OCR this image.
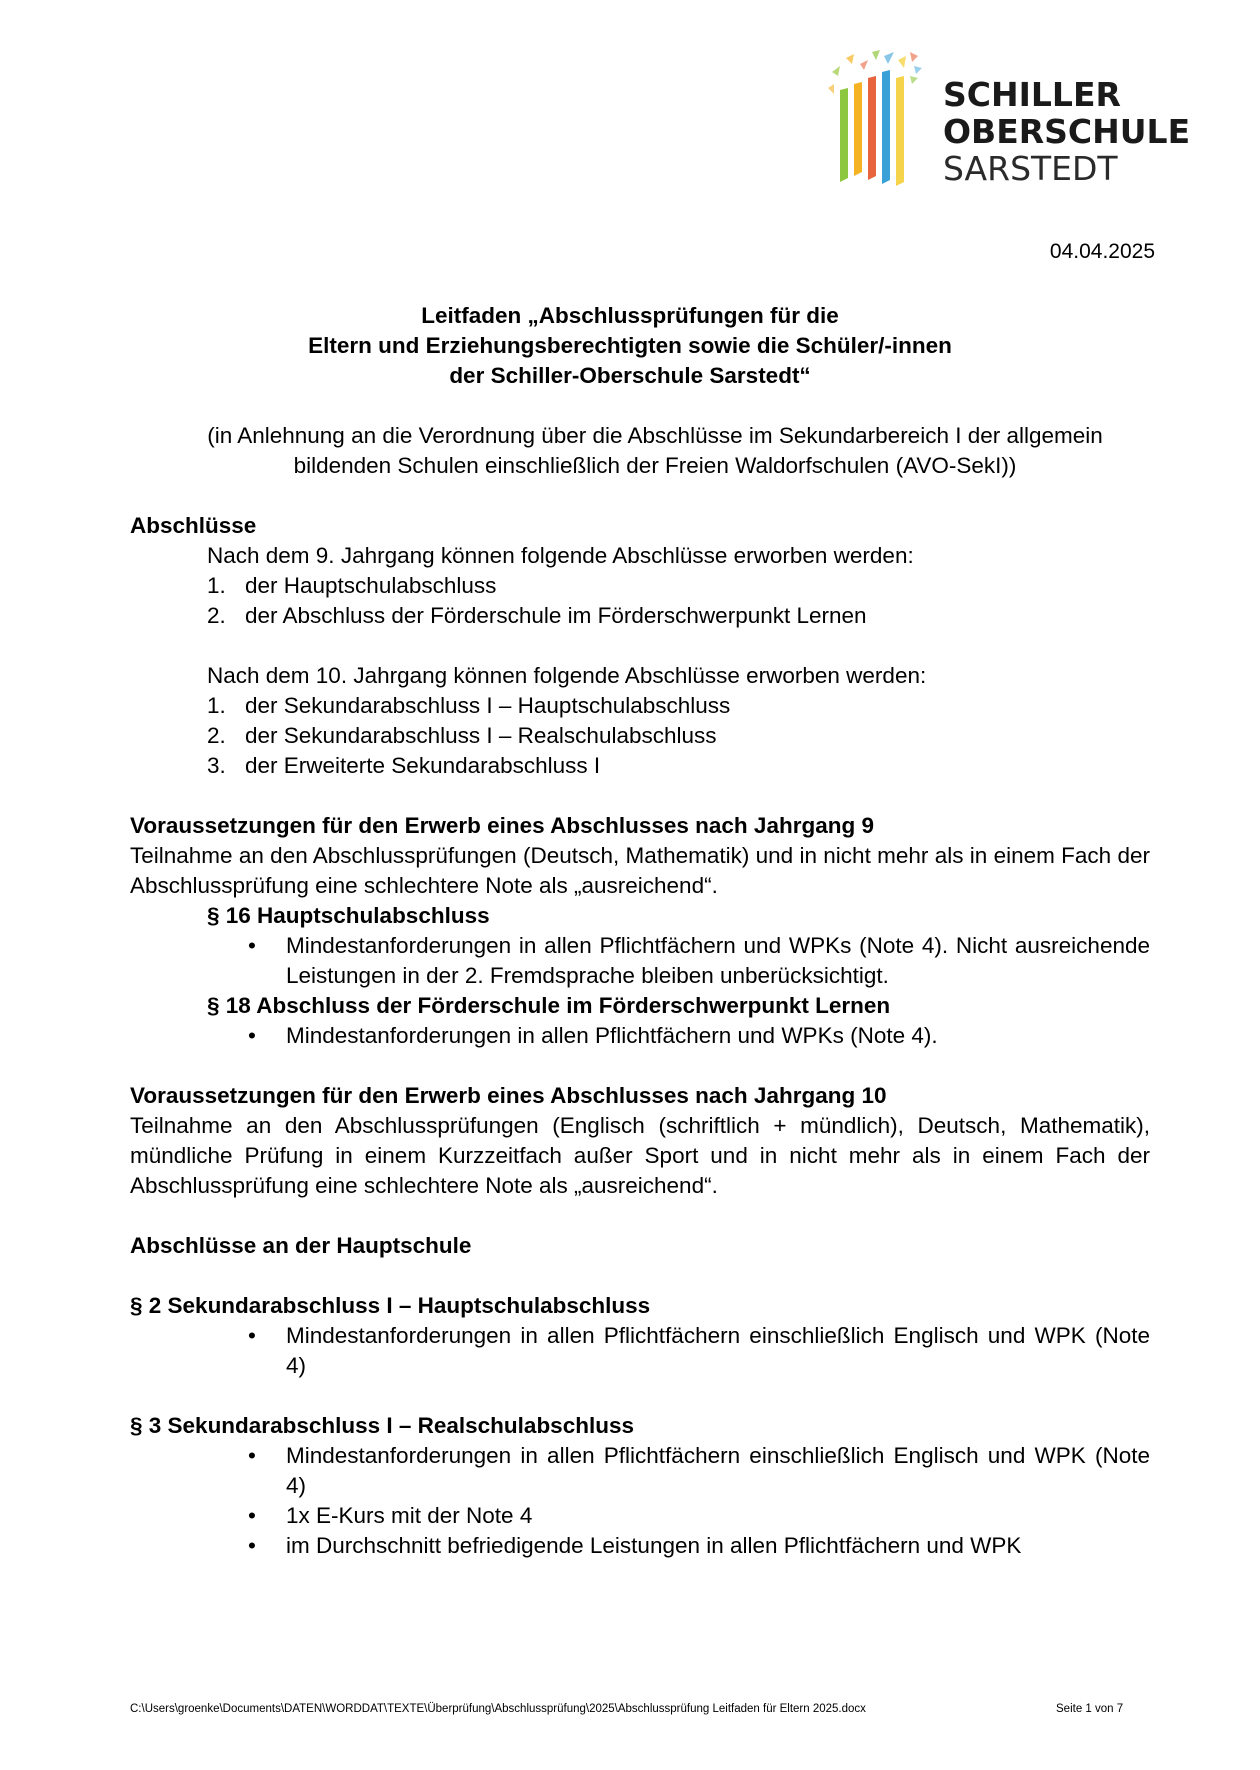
SCHILLER
OBERSCHULE
SARSTEDT
04.04.2025
Leitfaden „Abschlussprüfungen für die
Eltern und Erziehungsberechtigten sowie die Schüler/-innen
der Schiller-Oberschule Sarstedt“
(in Anlehnung an die Verordnung über die Abschlüsse im Sekundarbereich I der allgemein
bildenden Schulen einschließlich der Freien Waldorfschulen (AVO-SekI))
Abschlüsse
Nach dem 9. Jahrgang können folgende Abschlüsse erworben werden:
1. der Hauptschulabschluss
2. der Abschluss der Förderschule im Förderschwerpunkt Lernen
Nach dem 10. Jahrgang können folgende Abschlüsse erworben werden:
1. der Sekundarabschluss I – Hauptschulabschluss
2. der Sekundarabschluss I – Realschulabschluss
3. der Erweiterte Sekundarabschluss I
Voraussetzungen für den Erwerb eines Abschlusses nach Jahrgang 9
Teilnahme an den Abschlussprüfungen (Deutsch, Mathematik) und in nicht mehr als in einem Fach der Abschlussprüfung eine schlechtere Note als „ausreichend“.
§ 16 Hauptschulabschluss
• Mindestanforderungen in allen Pflichtfächern und WPKs (Note 4). Nicht ausreichende Leistungen in der 2. Fremdsprache bleiben unberücksichtigt.
§ 18 Abschluss der Förderschule im Förderschwerpunkt Lernen
• Mindestanforderungen in allen Pflichtfächern und WPKs (Note 4).
Voraussetzungen für den Erwerb eines Abschlusses nach Jahrgang 10
Teilnahme an den Abschlussprüfungen (Englisch (schriftlich + mündlich), Deutsch, Mathematik), mündliche Prüfung in einem Kurzzeitfach außer Sport und in nicht mehr als in einem Fach der Abschlussprüfung eine schlechtere Note als „ausreichend“.
Abschlüsse an der Hauptschule
§ 2 Sekundarabschluss I – Hauptschulabschluss
• Mindestanforderungen in allen Pflichtfächern einschließlich Englisch und WPK (Note 4)
§ 3 Sekundarabschluss I – Realschulabschluss
• Mindestanforderungen in allen Pflichtfächern einschließlich Englisch und WPK (Note 4)
• 1x E-Kurs mit der Note 4
• im Durchschnitt befriedigende Leistungen in allen Pflichtfächern und WPK
C:\Users\groenke\Documents\DATEN\WORDDAT\TEXTE\Überprüfung\Abschlussprüfung\2025\Abschlussprüfung Leitfaden für Eltern 2025.docx	Seite 1 von 7
